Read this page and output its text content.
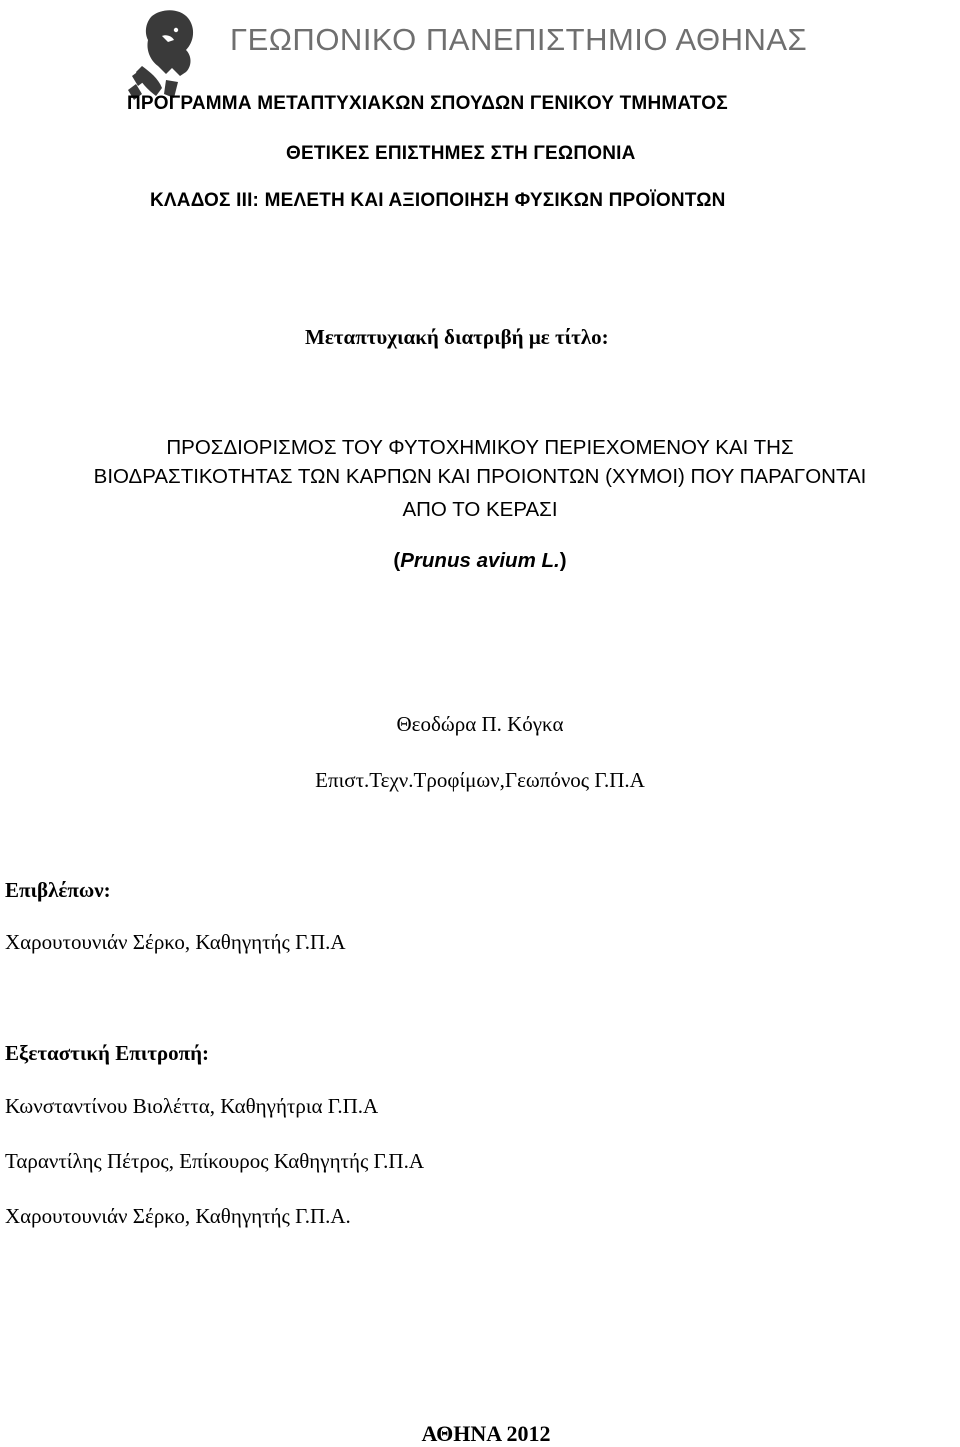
ΓΕΩΠΟΝΙΚΟ ΠΑΝΕΠΙΣΤΗΜΙΟ ΑΘΗΝΑΣ
ΠΡΟΓΡΑΜΜΑ ΜΕΤΑΠΤΥΧΙΑΚΩΝ ΣΠΟΥΔΩΝ ΓΕΝΙΚΟΥ ΤΜΗΜΑΤΟΣ
ΘΕΤΙΚΕΣ ΕΠΙΣΤΗΜΕΣ ΣΤΗ ΓΕΩΠΟΝΙΑ
ΚΛΑΔΟΣ ΙΙΙ: ΜΕΛΕΤΗ ΚΑΙ ΑΞΙΟΠΟΙΗΣΗ ΦΥΣΙΚΩΝ ΠΡΟΪΟΝΤΩΝ
Μεταπτυχιακή διατριβή με τίτλο:
ΠΡΟΣΔΙΟΡΙΣΜΟΣ ΤΟΥ ΦΥΤΟΧΗΜΙΚΟΥ ΠΕΡΙΕΧΟΜΕΝΟΥ ΚΑΙ ΤΗΣ
ΒΙΟΔΡΑΣΤΙΚΟΤΗΤΑΣ ΤΩΝ ΚΑΡΠΩΝ ΚΑΙ ΠΡΟΙΟΝΤΩΝ (ΧΥΜΟΙ) ΠΟΥ ΠΑΡΑΓΟΝΤΑΙ
ΑΠΟ ΤΟ ΚΕΡΑΣΙ
(Prunus avium L.)
Θεοδώρα Π. Κόγκα
Επιστ.Τεχν.Τροφίμων,Γεωπόνος Γ.Π.Α
Επιβλέπων:
Χαρουτουνιάν Σέρκο, Καθηγητής Γ.Π.Α
Εξεταστική Επιτροπή:
Κωνσταντίνου Βιολέττα, Καθηγήτρια Γ.Π.Α
Ταραντίλης Πέτρος, Επίκουρος Καθηγητής Γ.Π.Α
Χαρουτουνιάν Σέρκο, Καθηγητής Γ.Π.Α.
ΑΘΗΝΑ 2012
